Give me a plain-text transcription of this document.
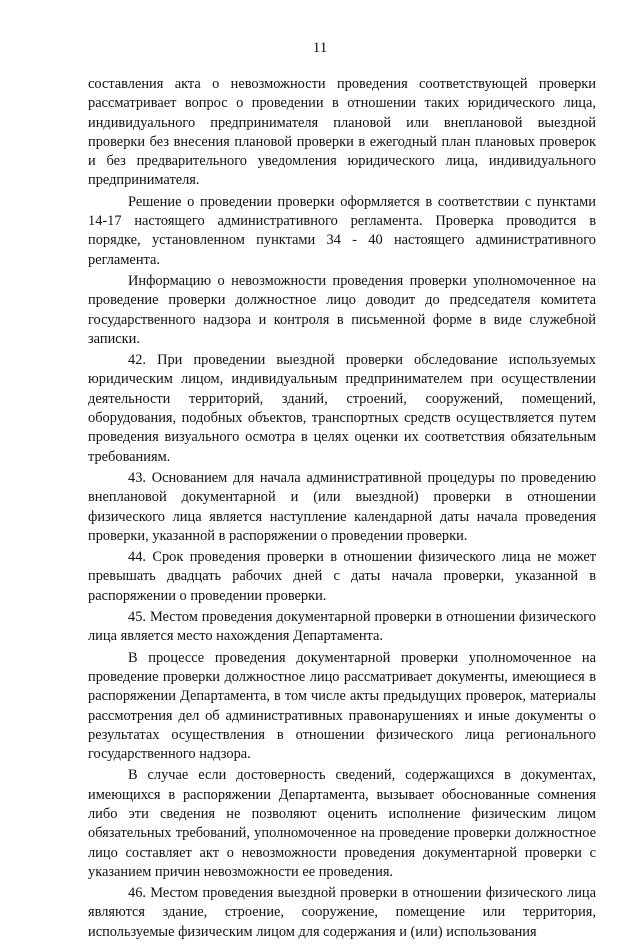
11

составления акта о невозможности проведения соответствующей проверки рассматривает вопрос о проведении в отношении таких юридического лица, индивидуального предпринимателя плановой или внеплановой выездной проверки без внесения плановой проверки в ежегодный план плановых проверок и без предварительного уведомления юридического лица, индивидуального предпринимателя.

Решение о проведении проверки оформляется в соответствии с пунктами 14-17 настоящего административного регламента. Проверка проводится в порядке, установленном пунктами 34 - 40 настоящего административного регламента.

Информацию о невозможности проведения проверки уполномоченное на проведение проверки должностное лицо доводит до председателя комитета государственного надзора и контроля в письменной форме в виде служебной записки.

42. При проведении выездной проверки обследование используемых юридическим лицом, индивидуальным предпринимателем при осуществлении деятельности территорий, зданий, строений, сооружений, помещений, оборудования, подобных объектов, транспортных средств осуществляется путем проведения визуального осмотра в целях оценки их соответствия обязательным требованиям.

43. Основанием для начала административной процедуры по проведению внеплановой документарной и (или выездной) проверки в отношении физического лица является наступление календарной даты начала проведения проверки, указанной в распоряжении о проведении проверки.

44. Срок проведения проверки в отношении физического лица не может превышать двадцать рабочих дней с даты начала проверки, указанной в распоряжении о проведении проверки.

45. Местом проведения документарной проверки в отношении физического лица является место нахождения Департамента.

В процессе проведения документарной проверки уполномоченное на проведение проверки должностное лицо рассматривает документы, имеющиеся в распоряжении Департамента, в том числе акты предыдущих проверок, материалы рассмотрения дел об административных правонарушениях и иные документы о результатах осуществления в отношении физического лица регионального государственного надзора.

В случае если достоверность сведений, содержащихся в документах, имеющихся в распоряжении Департамента, вызывает обоснованные сомнения либо эти сведения не позволяют оценить исполнение физическим лицом обязательных требований, уполномоченное на проведение проверки должностное лицо составляет акт о невозможности проведения документарной проверки с указанием причин невозможности ее проведения.

46. Местом проведения выездной проверки в отношении физического лица являются здание, строение, сооружение, помещение или территория, используемые физическим лицом для содержания и (или) использования
